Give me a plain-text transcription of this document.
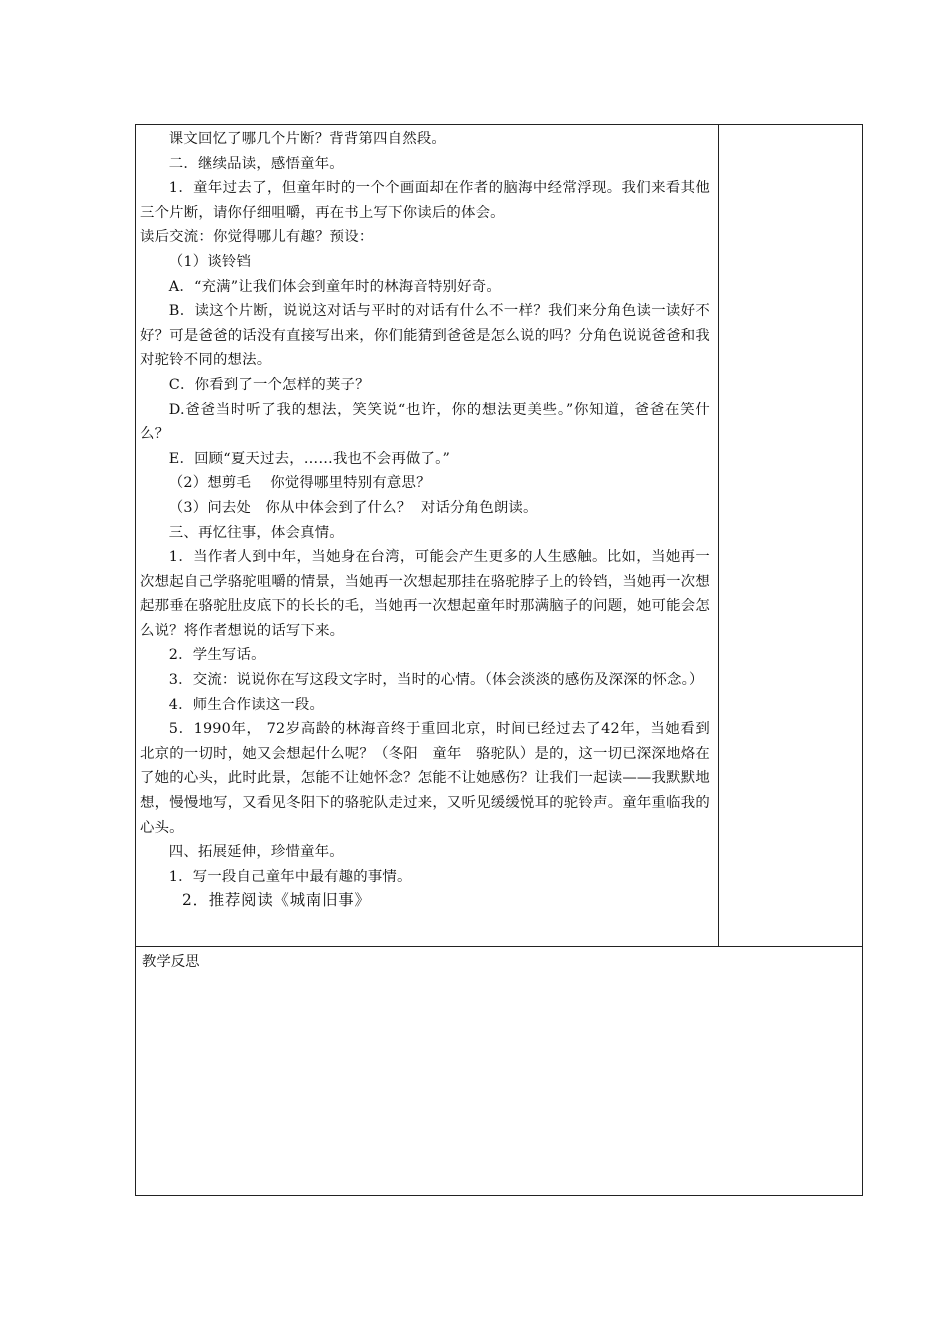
课文回忆了哪几个片断？背背第四自然段。

二．继续品读，感悟童年。

1．童年过去了，但童年时的一个个画面却在作者的脑海中经常浮现。我们来看其他三个片断，请你仔细咀嚼，再在书上写下你读后的体会。

读后交流：你觉得哪儿有趣？预设：

（1）谈铃铛

A．“充满”让我们体会到童年时的林海音特别好奇。

B．读这个片断，说说这对话与平时的对话有什么不一样？我们来分角色读一读好不好？可是爸爸的话没有直接写出来，你们能猜到爸爸是怎么说的吗？分角色说说爸爸和我对驼铃不同的想法。

C．你看到了一个怎样的荚子？

D.爸爸当时听了我的想法，笑笑说“也许，你的想法更美些。”你知道，爸爸在笑什么？

E．回顾“夏天过去，……我也不会再做了。”

（2）想剪毛    你觉得哪里特别有意思？

（3）问去处   你从中体会到了什么？  对话分角色朗读。

三、再忆往事，体会真情。

1．当作者人到中年，当她身在台湾，可能会产生更多的人生感触。比如，当她再一次想起自己学骆驼咀嚼的情景，当她再一次想起那挂在骆驼脖子上的铃铛，当她再一次想起那垂在骆驼肚皮底下的长长的毛，当她再一次想起童年时那满脑子的问题，她可能会怎么说？将作者想说的话写下来。

2．学生写话。

3．交流：说说你在写这段文字时，当时的心情。（体会淡淡的感伤及深深的怀念。）

4．师生合作读这一段。

5．1990年， 72岁高龄的林海音终于重回北京，时间已经过去了42年，当她看到北京的一切时，她又会想起什么呢？（冬阳   童年   骆驼队）是的，这一切已深深地烙在了她的心头，此时此景，怎能不让她怀念？怎能不让她感伤？让我们一起读——我默默地想，慢慢地写，又看见冬阳下的骆驼队走过来，又听见缓缓悦耳的驼铃声。童年重临我的心头。

四、拓展延伸，珍惜童年。

1．写一段自己童年中最有趣的事情。

2．推荐阅读《城南旧事》

教学反思
